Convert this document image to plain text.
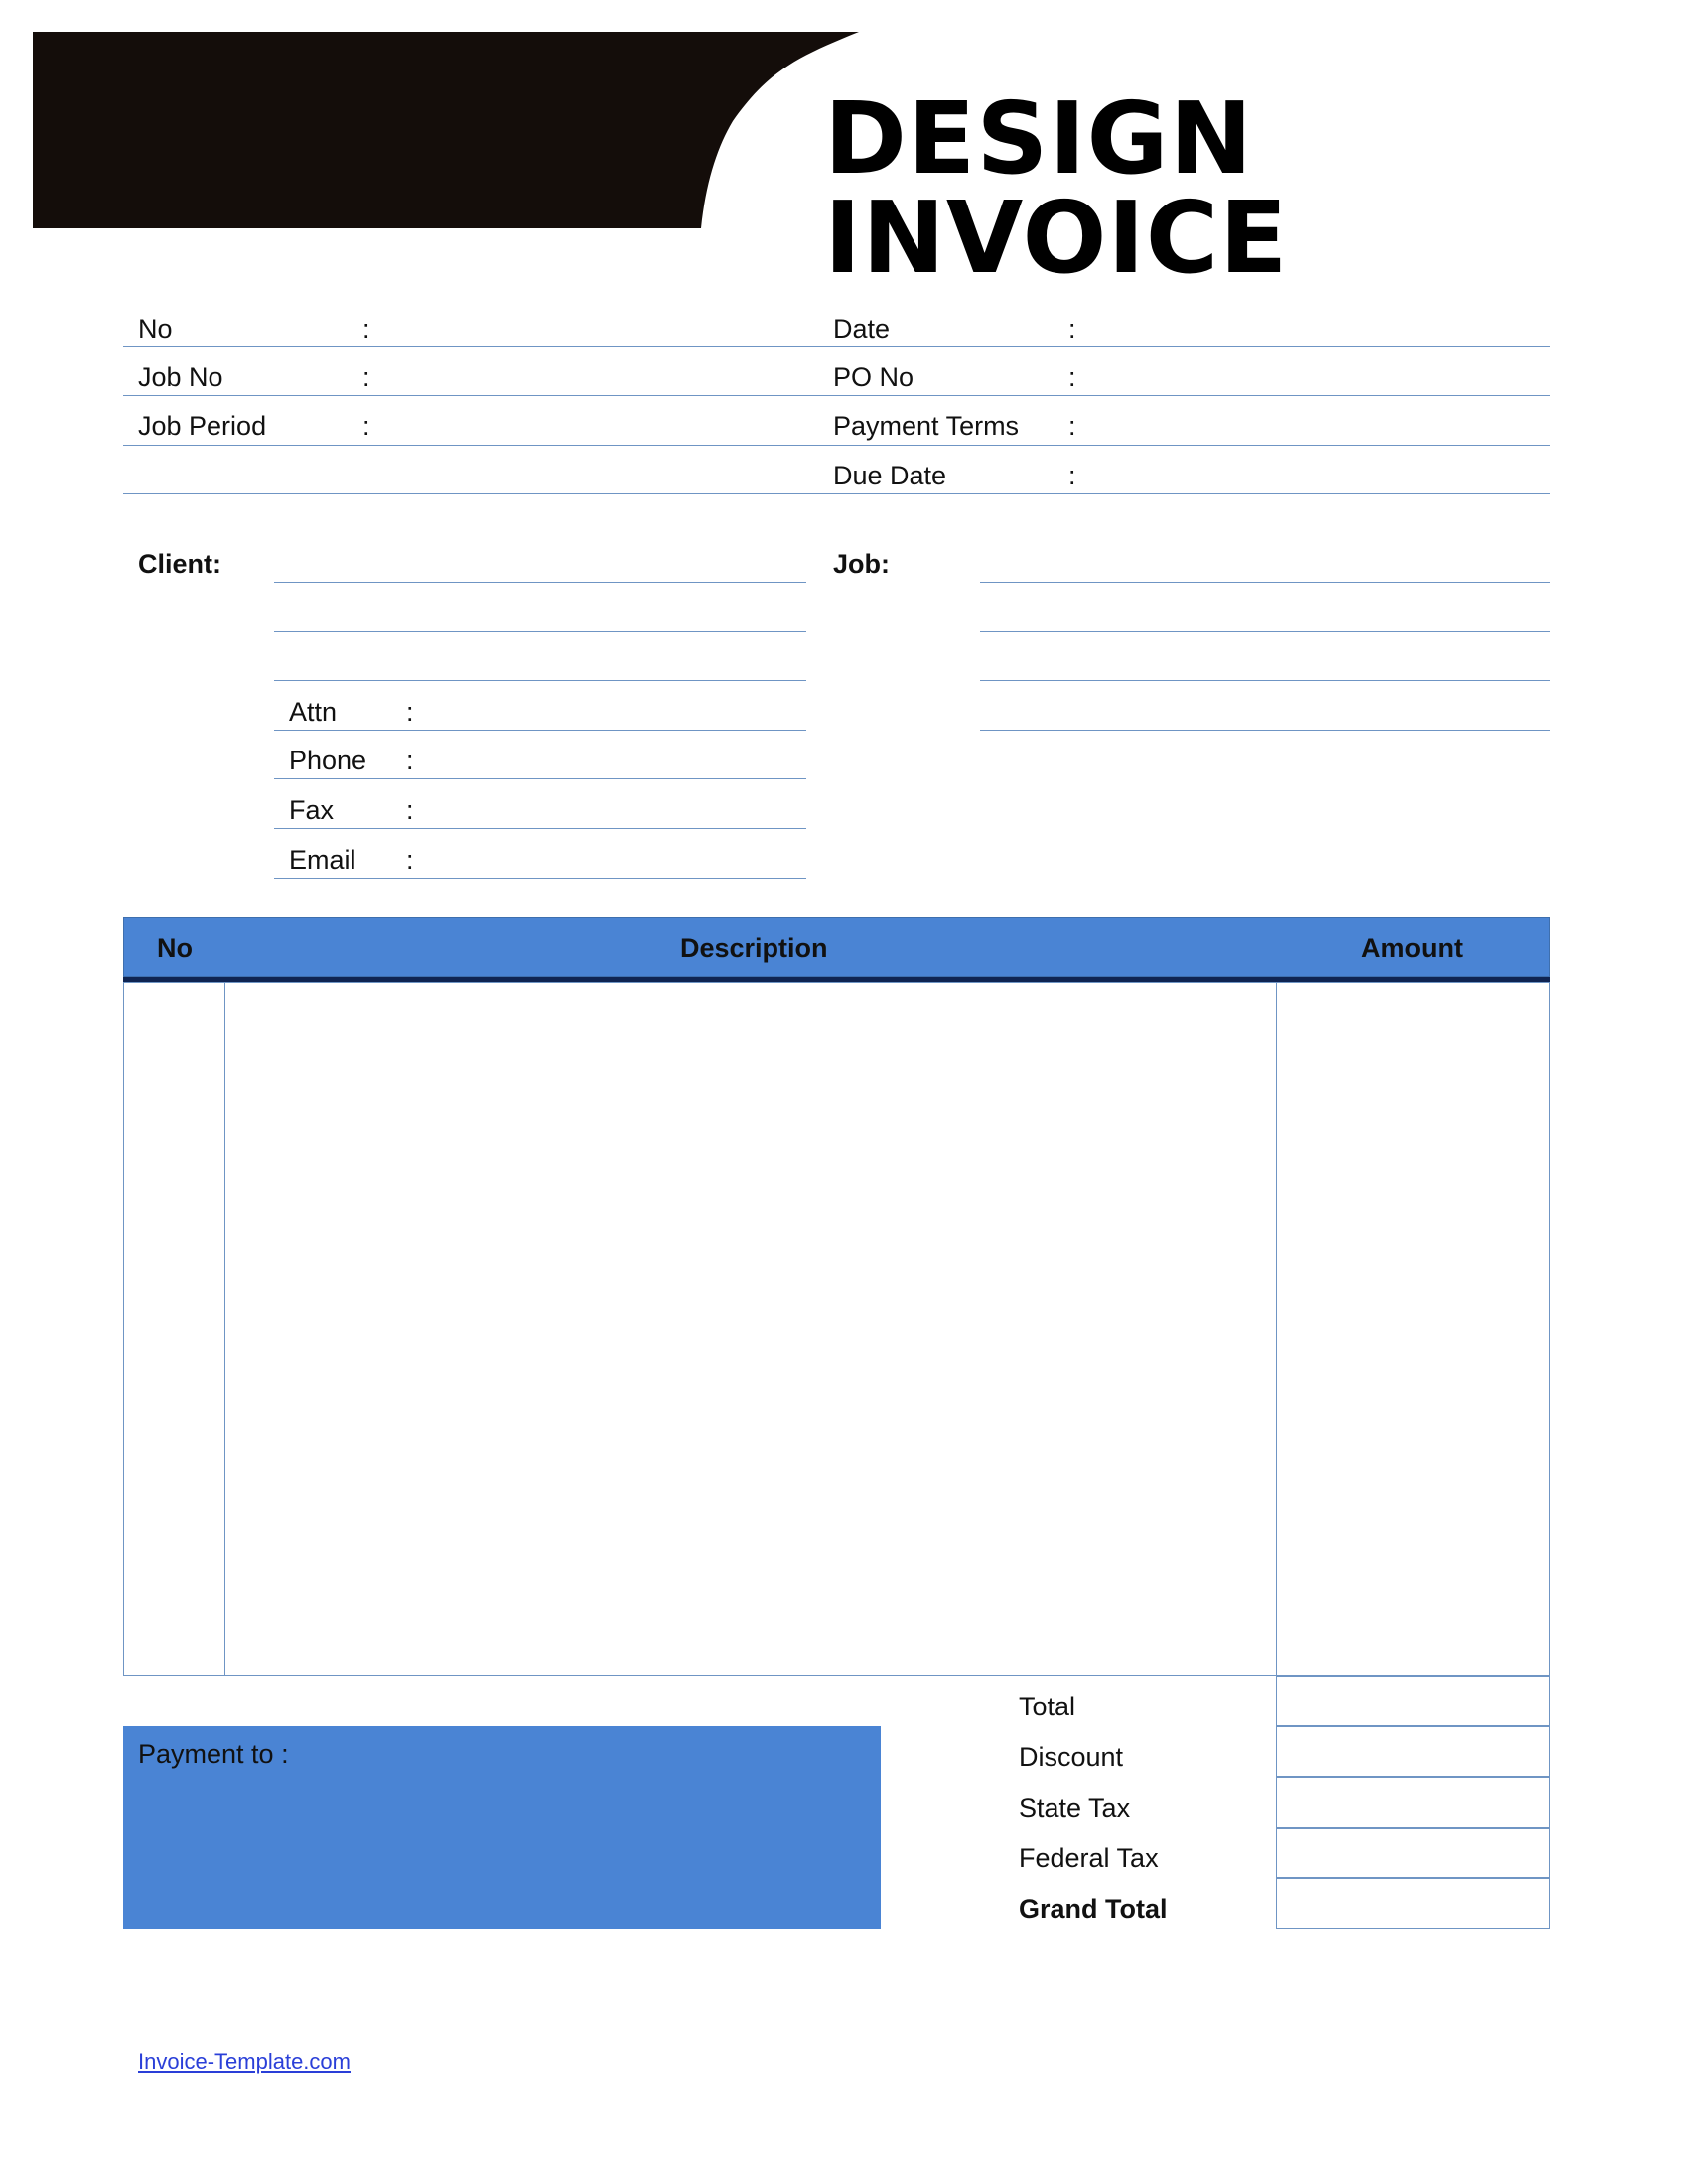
DESIGN INVOICE
No	:
Job No	:
Job Period	:
Date	:
PO No	:
Payment Terms :
Due Date	:
Client:
Attn	:
Phone :
Fax	:
Email :
Job:
No	Description	Amount
Payment to :
Total
Discount
State Tax
Federal Tax
Grand Total
Invoice-Template.com
